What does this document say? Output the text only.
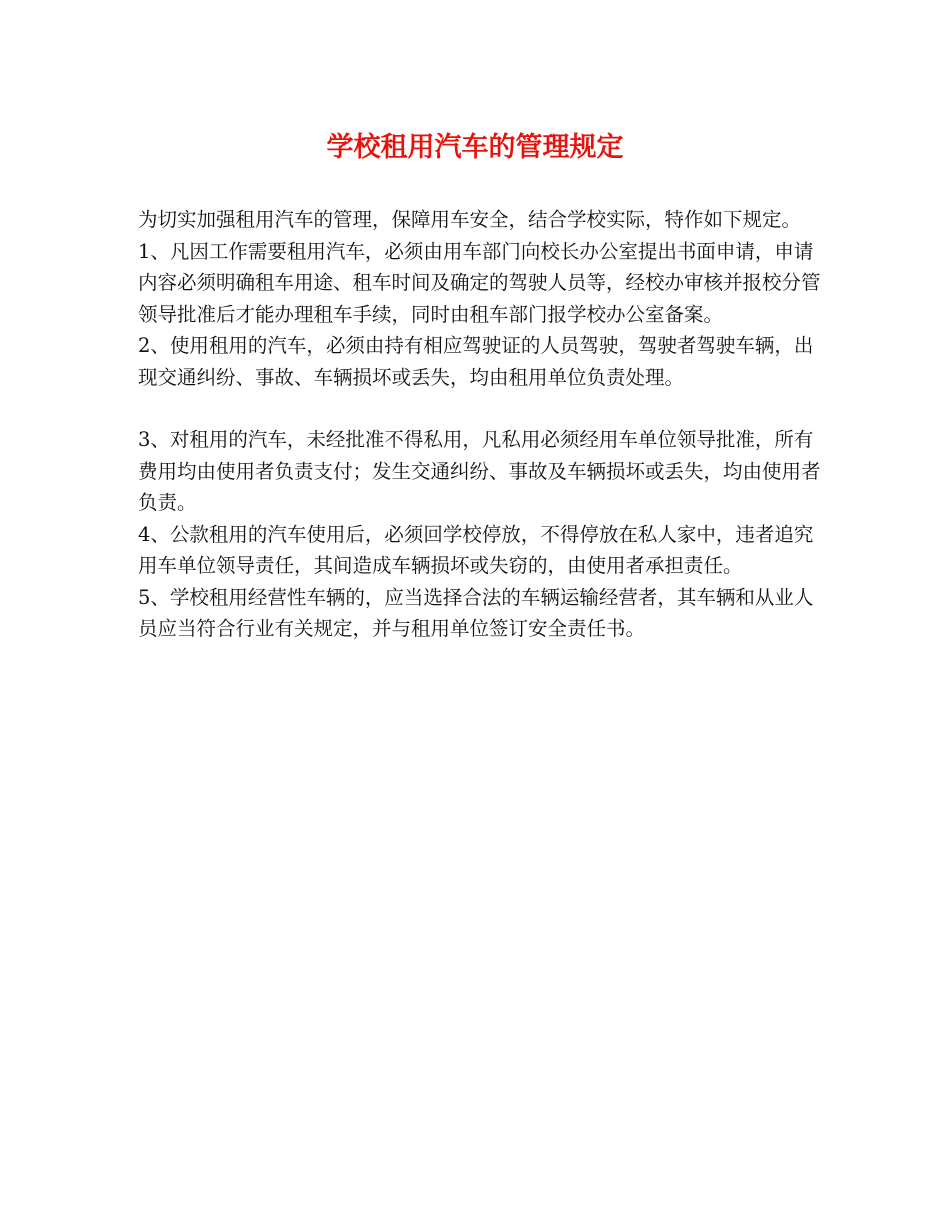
学校租用汽车的管理规定

为切实加强租用汽车的管理，保障用车安全，结合学校实际，特作如下规定。

1、凡因工作需要租用汽车，必须由用车部门向校长办公室提出书面申请，申请内容必须明确租车用途、租车时间及确定的驾驶人员等，经校办审核并报校分管领导批准后才能办理租车手续，同时由租车部门报学校办公室备案。

2、使用租用的汽车，必须由持有相应驾驶证的人员驾驶，驾驶者驾驶车辆，出现交通纠纷、事故、车辆损坏或丢失，均由租用单位负责处理。

3、对租用的汽车，未经批准不得私用，凡私用必须经用车单位领导批准，所有费用均由使用者负责支付；发生交通纠纷、事故及车辆损坏或丢失，均由使用者负责。

4、公款租用的汽车使用后，必须回学校停放，不得停放在私人家中，违者追究用车单位领导责任，其间造成车辆损坏或失窃的，由使用者承担责任。

5、学校租用经营性车辆的，应当选择合法的车辆运输经营者，其车辆和从业人员应当符合行业有关规定，并与租用单位签订安全责任书。
